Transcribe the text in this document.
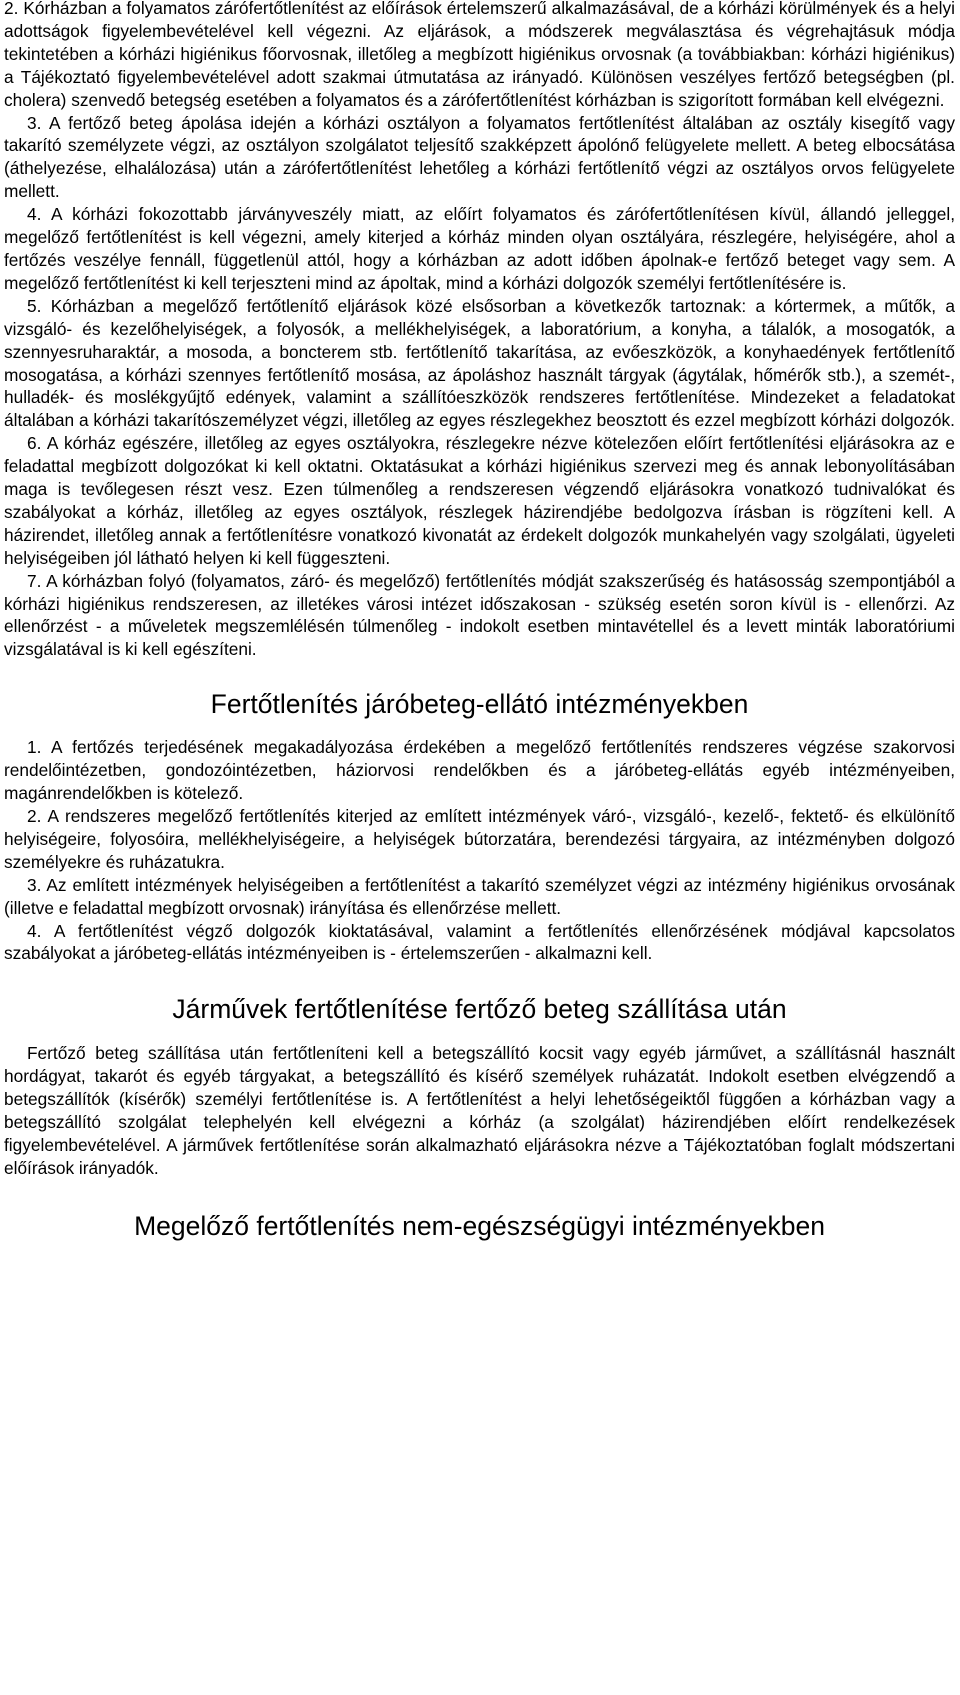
2. Kórházban a folyamatos zárófertőtlenítést az előírások értelemszerű alkalmazásával, de a kórházi körülmények és a helyi adottságok figyelembevételével kell végezni. Az eljárások, a módszerek megválasztása és végrehajtásuk módja tekintetében a kórházi higiénikus főorvosnak, illetőleg a megbízott higiénikus orvosnak (a továbbiakban: kórházi higiénikus) a Tájékoztató figyelembevételével adott szakmai útmutatása az irányadó. Különösen veszélyes fertőző betegségben (pl. cholera) szenvedő betegség esetében a folyamatos és a zárófertőtlenítést kórházban is szigorított formában kell elvégezni.

3. A fertőző beteg ápolása idején a kórházi osztályon a folyamatos fertőtlenítést általában az osztály kisegítő vagy takarító személyzete végzi, az osztályon szolgálatot teljesítő szakképzett ápolónő felügyelete mellett. A beteg elbocsátása (áthelyezése, elhalálozása) után a zárófertőtlenítést lehetőleg a kórházi fertőtlenítő végzi az osztályos orvos felügyelete mellett.

4. A kórházi fokozottabb járványveszély miatt, az előírt folyamatos és zárófertőtlenítésen kívül, állandó jelleggel, megelőző fertőtlenítést is kell végezni, amely kiterjed a kórház minden olyan osztályára, részlegére, helyiségére, ahol a fertőzés veszélye fennáll, függetlenül attól, hogy a kórházban az adott időben ápolnak-e fertőző beteget vagy sem. A megelőző fertőtlenítést ki kell terjeszteni mind az ápoltak, mind a kórházi dolgozók személyi fertőtlenítésére is.

5. Kórházban a megelőző fertőtlenítő eljárások közé elsősorban a következők tartoznak: a kórtermek, a műtők, a vizsgáló- és kezelőhelyiségek, a folyosók, a mellékhelyiségek, a laboratórium, a konyha, a tálalók, a mosogatók, a szennyesruharaktár, a mosoda, a boncterem stb. fertőtlenítő takarítása, az evőeszközök, a konyhaedények fertőtlenítő mosogatása, a kórházi szennyes fertőtlenítő mosása, az ápoláshoz használt tárgyak (ágytálak, hőmérők stb.), a szemét-, hulladék- és moslékgyűjtő edények, valamint a szállítóeszközök rendszeres fertőtlenítése. Mindezeket a feladatokat általában a kórházi takarítószemélyzet végzi, illetőleg az egyes részlegekhez beosztott és ezzel megbízott kórházi dolgozók.

6. A kórház egészére, illetőleg az egyes osztályokra, részlegekre nézve kötelezően előírt fertőtlenítési eljárásokra az e feladattal megbízott dolgozókat ki kell oktatni. Oktatásukat a kórházi higiénikus szervezi meg és annak lebonyolításában maga is tevőlegesen részt vesz. Ezen túlmenőleg a rendszeresen végzendő eljárásokra vonatkozó tudnivalókat és szabályokat a kórház, illetőleg az egyes osztályok, részlegek házirendjébe bedolgozva írásban is rögzíteni kell. A házirendet, illetőleg annak a fertőtlenítésre vonatkozó kivonatát az érdekelt dolgozók munkahelyén vagy szolgálati, ügyeleti helyiségeiben jól látható helyen ki kell függeszteni.

7. A kórházban folyó (folyamatos, záró- és megelőző) fertőtlenítés módját szakszerűség és hatásosság szempontjából a kórházi higiénikus rendszeresen, az illetékes városi intézet időszakosan - szükség esetén soron kívül is - ellenőrzi. Az ellenőrzést - a műveletek megszemlélésén túlmenőleg - indokolt esetben mintavétellel és a levett minták laboratóriumi vizsgálatával is ki kell egészíteni.

Fertőtlenítés járóbeteg-ellátó intézményekben

1. A fertőzés terjedésének megakadályozása érdekében a megelőző fertőtlenítés rendszeres végzése szakorvosi rendelőintézetben, gondozóintézetben, háziorvosi rendelőkben és a járóbeteg-ellátás egyéb intézményeiben, magánrendelőkben is kötelező.

2. A rendszeres megelőző fertőtlenítés kiterjed az említett intézmények váró-, vizsgáló-, kezelő-, fektető- és elkülönítő helyiségeire, folyosóira, mellékhelyiségeire, a helyiségek bútorzatára, berendezési tárgyaira, az intézményben dolgozó személyekre és ruházatukra.

3. Az említett intézmények helyiségeiben a fertőtlenítést a takarító személyzet végzi az intézmény higiénikus orvosának (illetve e feladattal megbízott orvosnak) irányítása és ellenőrzése mellett.

4. A fertőtlenítést végző dolgozók kioktatásával, valamint a fertőtlenítés ellenőrzésének módjával kapcsolatos szabályokat a járóbeteg-ellátás intézményeiben is - értelemszerűen - alkalmazni kell.

Járművek fertőtlenítése fertőző beteg szállítása után

Fertőző beteg szállítása után fertőtleníteni kell a betegszállító kocsit vagy egyéb járművet, a szállításnál használt hordágyat, takarót és egyéb tárgyakat, a betegszállító és kísérő személyek ruházatát. Indokolt esetben elvégzendő a betegszállítók (kísérők) személyi fertőtlenítése is. A fertőtlenítést a helyi lehetőségeiktől függően a kórházban vagy a betegszállító szolgálat telephelyén kell elvégezni a kórház (a szolgálat) házirendjében előírt rendelkezések figyelembevételével. A járművek fertőtlenítése során alkalmazható eljárásokra nézve a Tájékoztatóban foglalt módszertani előírások irányadók.

Megelőző fertőtlenítés nem-egészségügyi intézményekben
